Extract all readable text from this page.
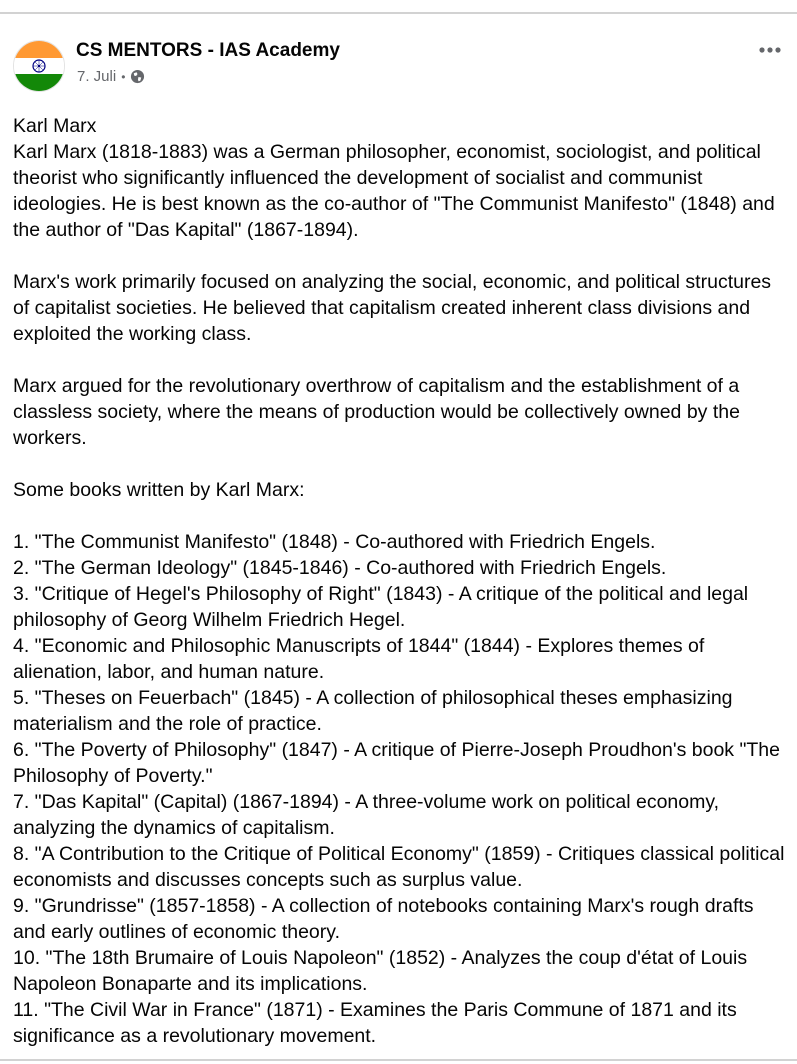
CS MENTORS - IAS Academy
7. Juli •

Karl Marx

Karl Marx (1818-1883) was a German philosopher, economist, sociologist, and political theorist who significantly influenced the development of socialist and communist ideologies. He is best known as the co-author of "The Communist Manifesto" (1848) and the author of "Das Kapital" (1867-1894).

Marx's work primarily focused on analyzing the social, economic, and political structures of capitalist societies. He believed that capitalism created inherent class divisions and exploited the working class.

Marx argued for the revolutionary overthrow of capitalism and the establishment of a classless society, where the means of production would be collectively owned by the workers.

Some books written by Karl Marx:

1. "The Communist Manifesto" (1848) - Co-authored with Friedrich Engels.
2. "The German Ideology" (1845-1846) - Co-authored with Friedrich Engels.
3. "Critique of Hegel's Philosophy of Right" (1843) - A critique of the political and legal philosophy of Georg Wilhelm Friedrich Hegel.
4. "Economic and Philosophic Manuscripts of 1844" (1844) - Explores themes of alienation, labor, and human nature.
5. "Theses on Feuerbach" (1845) - A collection of philosophical theses emphasizing materialism and the role of practice.
6. "The Poverty of Philosophy" (1847) - A critique of Pierre-Joseph Proudhon's book "The Philosophy of Poverty."
7. "Das Kapital" (Capital) (1867-1894) - A three-volume work on political economy, analyzing the dynamics of capitalism.
8. "A Contribution to the Critique of Political Economy" (1859) - Critiques classical political economists and discusses concepts such as surplus value.
9. "Grundrisse" (1857-1858) - A collection of notebooks containing Marx's rough drafts and early outlines of economic theory.
10. "The 18th Brumaire of Louis Napoleon" (1852) - Analyzes the coup d'état of Louis Napoleon Bonaparte and its implications.
11. "The Civil War in France" (1871) - Examines the Paris Commune of 1871 and its significance as a revolutionary movement.
